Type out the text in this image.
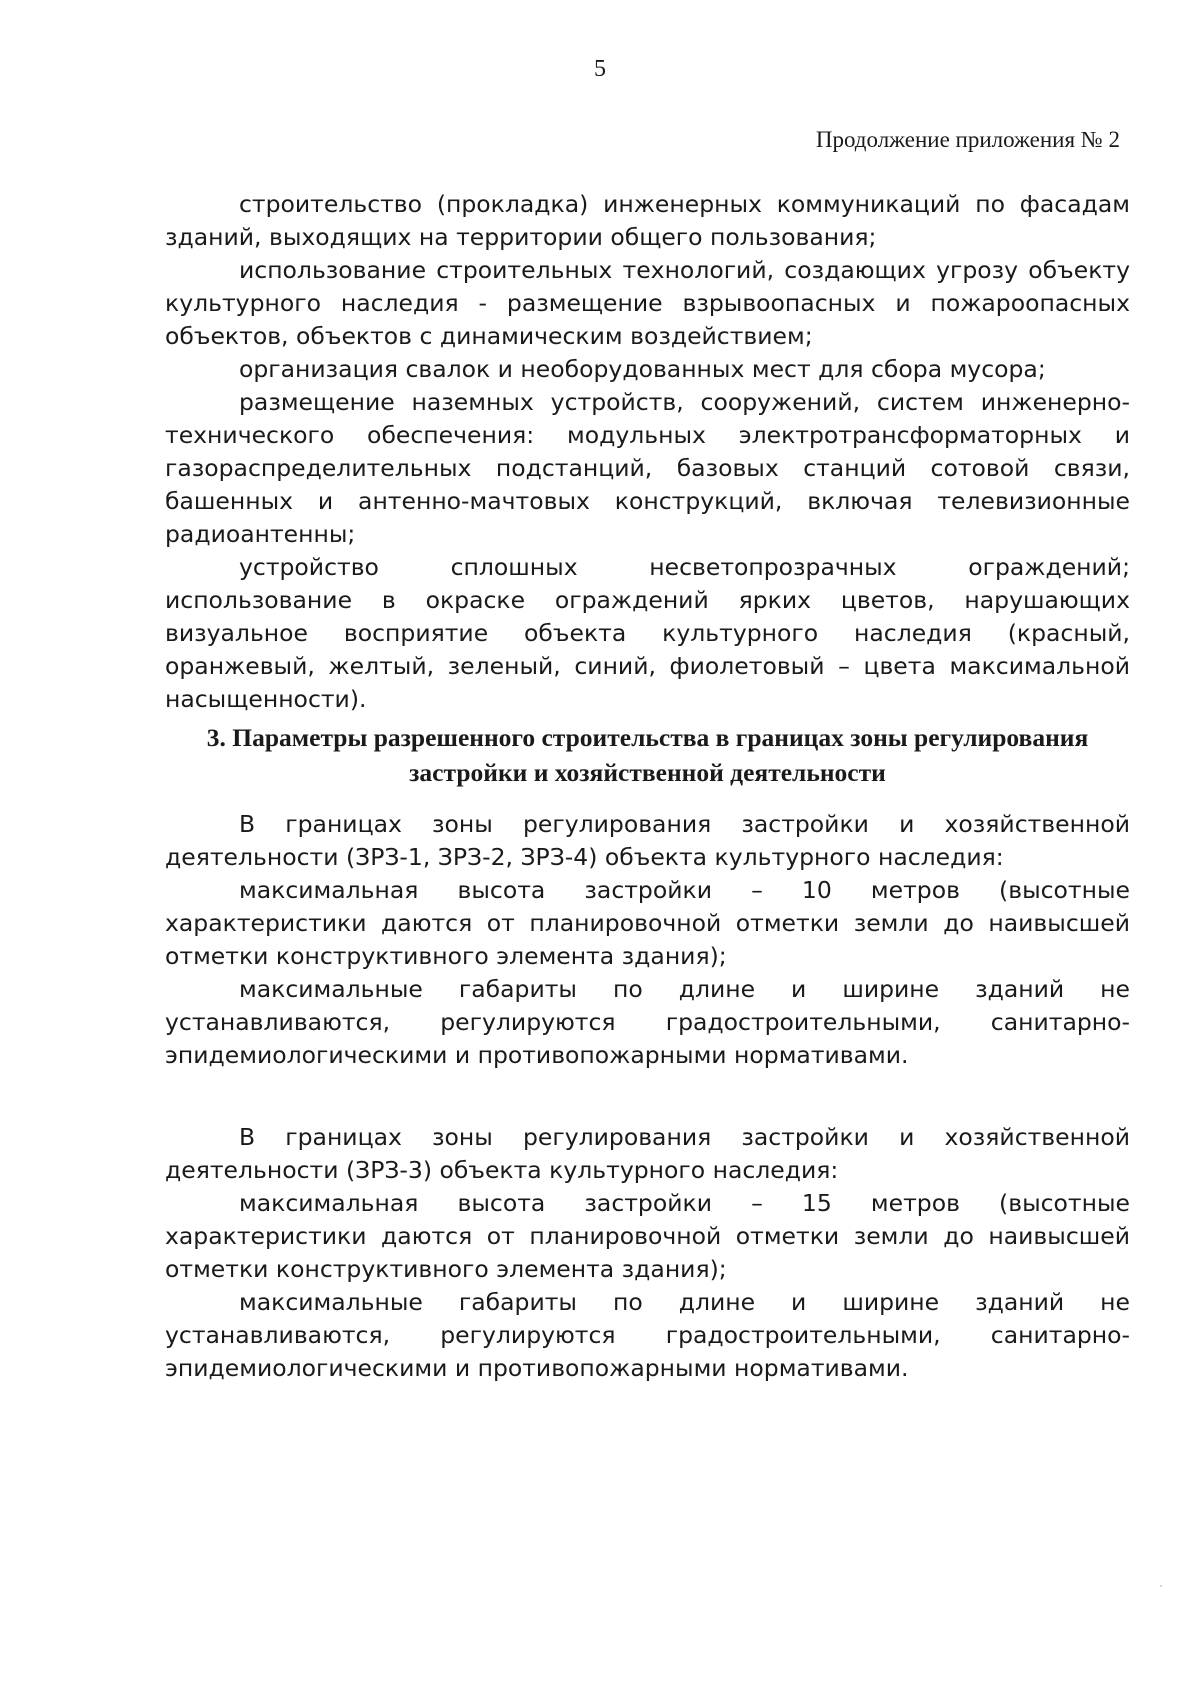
5
Продолжение приложения № 2

строительство (прокладка) инженерных коммуникаций по фасадам зданий, выходящих на территории общего пользования;

использование строительных технологий, создающих угрозу объекту культурного наследия - размещение взрывоопасных и пожароопасных объектов, объектов с динамическим воздействием;

организация свалок и необорудованных мест для сбора мусора;

размещение наземных устройств, сооружений, систем инженерно-технического обеспечения: модульных электротрансформаторных и газораспределительных подстанций, базовых станций сотовой связи, башенных и антенно-мачтовых конструкций, включая телевизионные радиоантенны;

устройство сплошных несветопрозрачных ограждений; использование в окраске ограждений ярких цветов, нарушающих визуальное восприятие объекта культурного наследия (красный, оранжевый, желтый, зеленый, синий, фиолетовый – цвета максимальной насыщенности).

3. Параметры разрешенного строительства в границах зоны регулирования застройки и хозяйственной деятельности

В границах зоны регулирования застройки и хозяйственной деятельности (ЗРЗ-1, ЗРЗ-2, ЗРЗ-4) объекта культурного наследия:

максимальная высота застройки – 10 метров (высотные характеристики даются от планировочной отметки земли до наивысшей отметки конструктивного элемента здания);

максимальные габариты по длине и ширине зданий не устанавливаются, регулируются градостроительными, санитарно-эпидемиологическими и противопожарными нормативами.

В границах зоны регулирования застройки и хозяйственной деятельности (ЗРЗ-3) объекта культурного наследия:

максимальная высота застройки – 15 метров (высотные характеристики даются от планировочной отметки земли до наивысшей отметки конструктивного элемента здания);

максимальные габариты по длине и ширине зданий не устанавливаются, регулируются градостроительными, санитарно-эпидемиологическими и противопожарными нормативами.
